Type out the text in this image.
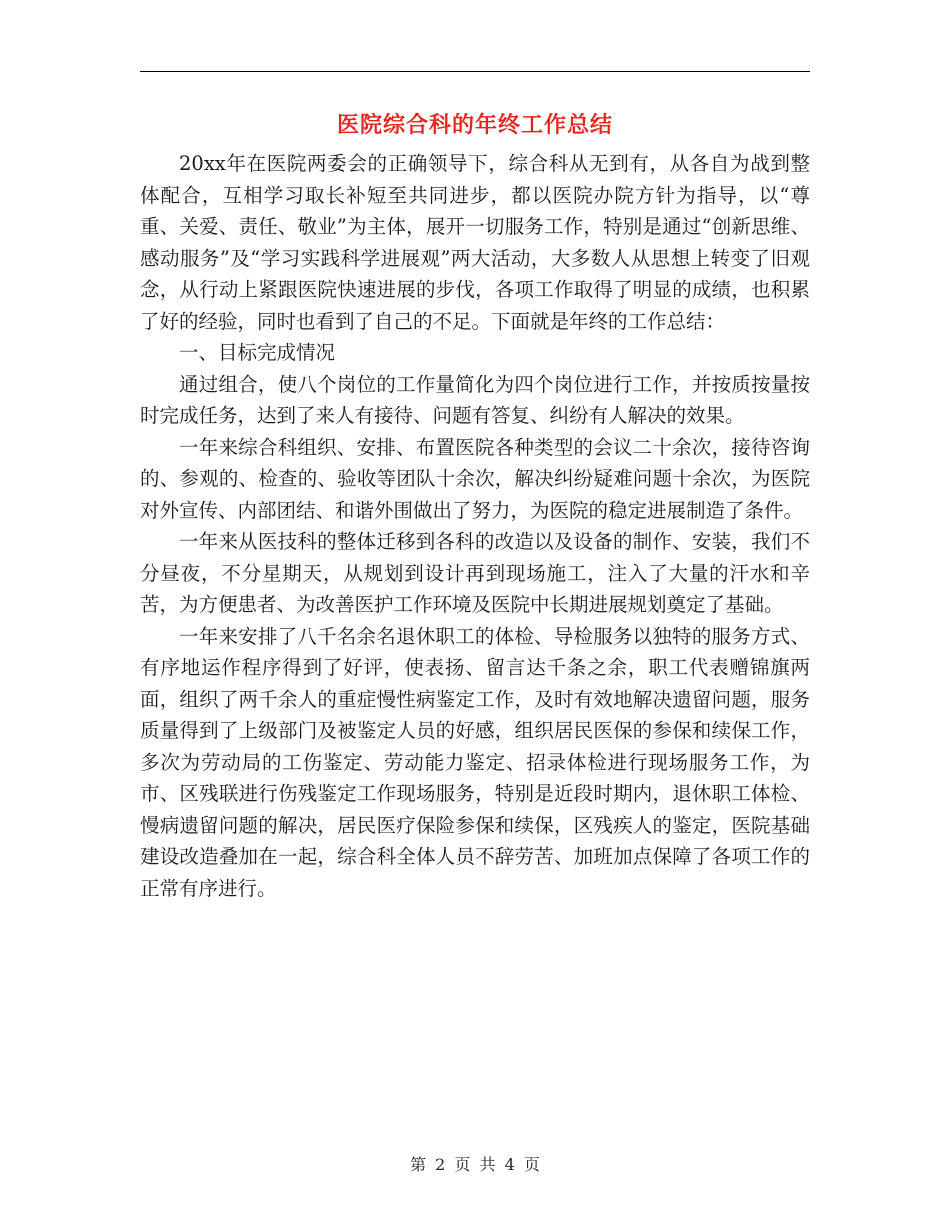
医院综合科的年终工作总结

20xx年在医院两委会的正确领导下，综合科从无到有，从各自为战到整体配合，互相学习取长补短至共同进步，都以医院办院方针为指导，以“尊重、关爱、责任、敬业”为主体，展开一切服务工作，特别是通过“创新思维、感动服务”及“学习实践科学进展观”两大活动，大多数人从思想上转变了旧观念，从行动上紧跟医院快速进展的步伐，各项工作取得了明显的成绩，也积累了好的经验，同时也看到了自己的不足。下面就是年终的工作总结：

一、目标完成情况

通过组合，使八个岗位的工作量简化为四个岗位进行工作，并按质按量按时完成任务，达到了来人有接待、问题有答复、纠纷有人解决的效果。

一年来综合科组织、安排、布置医院各种类型的会议二十余次，接待咨询的、参观的、检查的、验收等团队十余次，解决纠纷疑难问题十余次，为医院对外宣传、内部团结、和谐外围做出了努力，为医院的稳定进展制造了条件。

一年来从医技科的整体迁移到各科的改造以及设备的制作、安装，我们不分昼夜，不分星期天，从规划到设计再到现场施工，注入了大量的汗水和辛苦，为方便患者、为改善医护工作环境及医院中长期进展规划奠定了基础。

一年来安排了八千名余名退休职工的体检、导检服务以独特的服务方式、有序地运作程序得到了好评，使表扬、留言达千条之余，职工代表赠锦旗两面，组织了两千余人的重症慢性病鉴定工作，及时有效地解决遗留问题，服务质量得到了上级部门及被鉴定人员的好感，组织居民医保的参保和续保工作，多次为劳动局的工伤鉴定、劳动能力鉴定、招录体检进行现场服务工作，为市、区残联进行伤残鉴定工作现场服务，特别是近段时期内，退休职工体检、慢病遗留问题的解决，居民医疗保险参保和续保，区残疾人的鉴定，医院基础建设改造叠加在一起，综合科全体人员不辞劳苦、加班加点保障了各项工作的正常有序进行。

第 2 页 共 4 页
